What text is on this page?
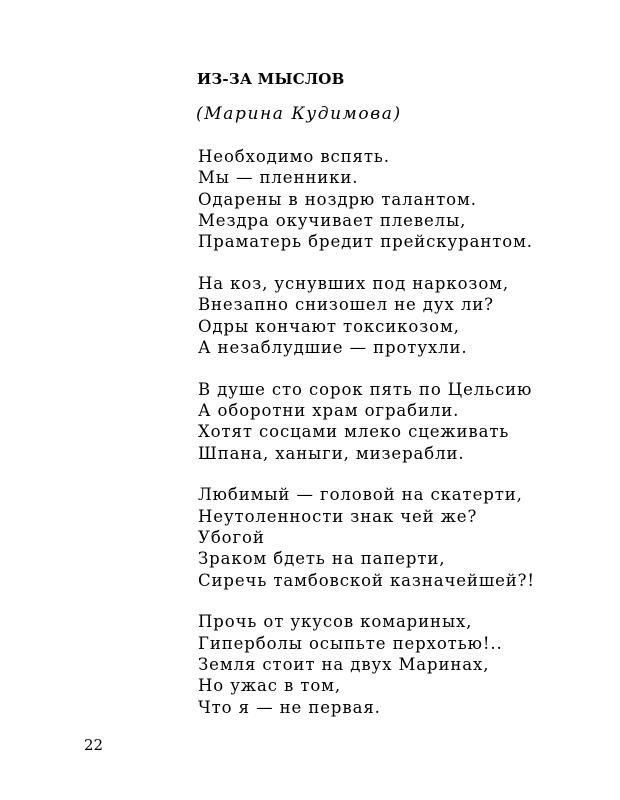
ИЗ-ЗА МЫСЛОВ
(Марина Кудимова)
Необходимо вспять.
Мы — пленники.
Одарены в ноздрю талантом.
Мездра окучивает плевелы,
Праматерь бредит прейскурантом.
На коз, уснувших под наркозом,
Внезапно снизошел не дух ли?
Одры кончают токсикозом,
А незаблудшие — протухли.
В душе сто сорок пять по Цельсию
А оборотни храм ограбили.
Хотят сосцами млеко сцеживать
Шпана, ханыги, мизерабли.
Любимый — головой на скатерти,
Неутоленности знак чей же?
Убогой
Зраком бдеть на паперти,
Сиречь тамбовской казначейшей?!
Прочь от укусов комариных,
Гиперболы осыпьте перхотью!..
Земля стоит на двух Маринах,
Но ужас в том,
Что я — не первая.
22
